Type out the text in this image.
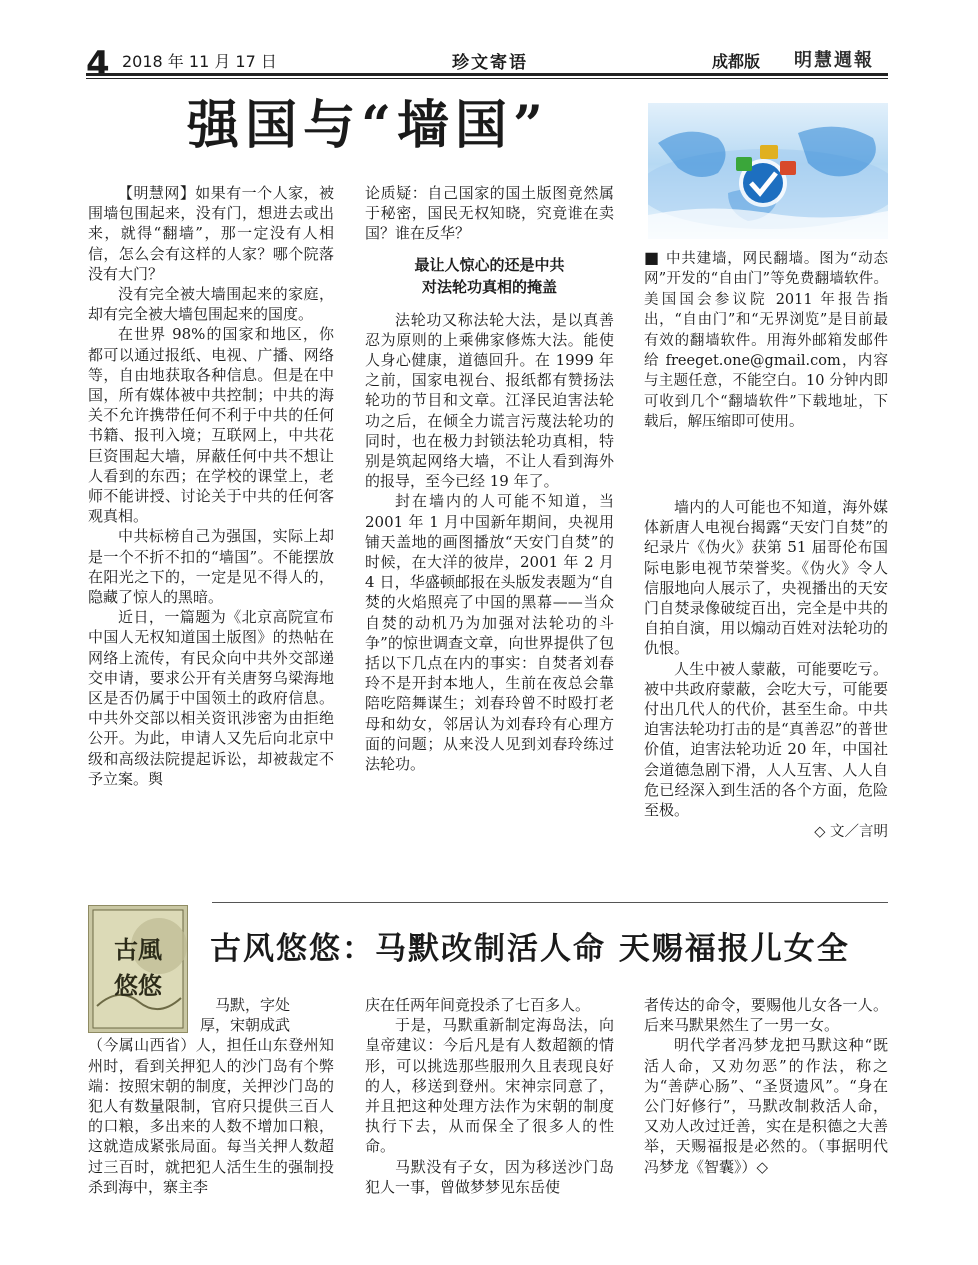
4 2018 年 11 月 17 日	珍文寄语	成都版 明慧週報
强国与“墙国”

【明慧网】如果有一个人家，被围墙包围起来，没有门，想进去或出来，就得“翻墙”，那一定没有人相信，怎么会有这样的人家？哪个院落没有大门？

没有完全被大墙围起来的家庭，却有完全被大墙包围起来的国度。

在世界 98%的国家和地区，你都可以通过报纸、电视、广播、网络等，自由地获取各种信息。但是在中国，所有媒体被中共控制；中共的海关不允许携带任何不利于中共的任何书籍、报刊入境；互联网上，中共花巨资围起大墙，屏蔽任何中共不想让人看到的东西；在学校的课堂上，老师不能讲授、讨论关于中共的任何客观真相。

中共标榜自己为强国，实际上却是一个不折不扣的“墙国”。不能摆放在阳光之下的，一定是见不得人的，隐藏了惊人的黑暗。

近日，一篇题为《北京高院宣布 中国人无权知道国土版图》的热帖在网络上流传，有民众向中共外交部递交申请，要求公开有关唐努乌梁海地区是否仍属于中国领土的政府信息。中共外交部以相关资讯涉密为由拒绝公开。为此，申请人又先后向北京中级和高级法院提起诉讼，却被裁定不予立案。舆

论质疑：自己国家的国土版图竟然属于秘密，国民无权知晓，究竟谁在卖国？谁在反华？

最让人惊心的还是中共
对法轮功真相的掩盖

法轮功又称法轮大法，是以真善忍为原则的上乘佛家修炼大法。能使人身心健康，道德回升。在 1999 年之前，国家电视台、报纸都有赞扬法轮功的节目和文章。江泽民迫害法轮功之后，在倾全力谎言污蔑法轮功的同时，也在极力封锁法轮功真相，特别是筑起网络大墙，不让人看到海外的报导，至今已经 19 年了。

封在墙内的人可能不知道，当 2001 年 1 月中国新年期间，央视用铺天盖地的画图播放“天安门自焚”的时候，在大洋的彼岸，2001 年 2 月 4 日，华盛顿邮报在头版发表题为“自焚的火焰照亮了中国的黑幕——当众自焚的动机乃为加强对法轮功的斗争”的惊世调查文章，向世界提供了包括以下几点在内的事实：自焚者刘春玲不是开封本地人，生前在夜总会靠陪吃陪舞谋生；刘春玲曾不时殴打老母和幼女，邻居认为刘春玲有心理方面的问题；从来没人见到刘春玲练过法轮功。

■ 中共建墙，网民翻墙。图为“动态网”开发的“自由门”等免费翻墙软件。美国国会参议院 2011 年报告指出，“自由门”和“无界浏览”是目前最有效的翻墙软件。用海外邮箱发邮件给 freeget.one@gmail.com，内容与主题任意，不能空白。10 分钟内即可收到几个“翻墙软件”下载地址，下载后，解压缩即可使用。

墙内的人可能也不知道，海外媒体新唐人电视台揭露“天安门自焚”的纪录片《伪火》获第 51 届哥伦布国际电影电视节荣誉奖。《伪火》令人信服地向人展示了，央视播出的天安门自焚录像破绽百出，完全是中共的自拍自演，用以煽动百姓对法轮功的仇恨。

人生中被人蒙蔽，可能要吃亏。被中共政府蒙蔽，会吃大亏，可能要付出几代人的代价，甚至生命。中共迫害法轮功打击的是“真善忍”的普世价值，迫害法轮功近 20 年，中国社会道德急剧下滑，人人互害、人人自危已经深入到生活的各个方面，危险至极。

◇ 文／言明
古風
悠悠
古风悠悠：马默改制活人命 天赐福报儿女全

马默，字处

厚，宋朝成武

（今属山西省）人，担任山东登州知州时，看到关押犯人的沙门岛有个弊端：按照宋朝的制度，关押沙门岛的犯人有数量限制，官府只提供三百人的口粮，多出来的人数不增加口粮，这就造成紧张局面。每当关押人数超过三百时，就把犯人活生生的强制投杀到海中，寨主李

庆在任两年间竟投杀了七百多人。

于是，马默重新制定海岛法，向皇帝建议：今后凡是有人数超额的情形，可以挑选那些服刑久且表现良好的人，移送到登州。宋神宗同意了，并且把这种处理方法作为宋朝的制度执行下去，从而保全了很多人的性命。

马默没有子女，因为移送沙门岛犯人一事，曾做梦梦见东岳使

者传达的命令，要赐他儿女各一人。后来马默果然生了一男一女。

明代学者冯梦龙把马默这种“既活人命，又劝勿恶”的作法，称之为“善萨心肠”、“圣贤遗风”。“身在公门好修行”，马默改制救活人命，又劝人改过迁善，实在是积德之大善举，天赐福报是必然的。（事据明代冯梦龙《智囊》）◇
